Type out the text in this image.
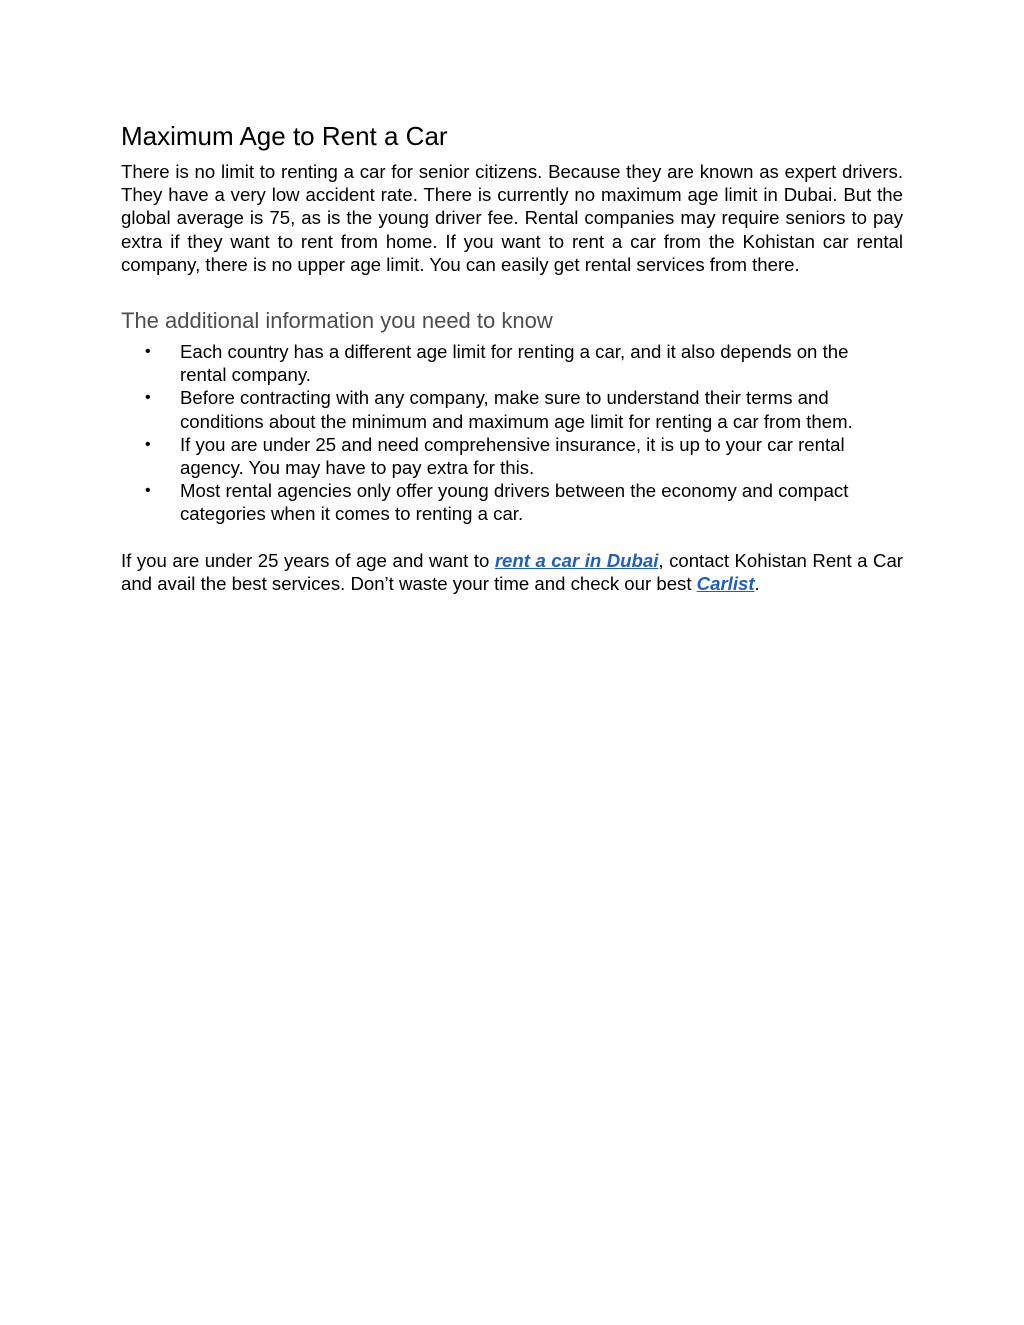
Maximum Age to Rent a Car

There is no limit to renting a car for senior citizens. Because they are known as expert drivers. They have a very low accident rate. There is currently no maximum age limit in Dubai. But the global average is 75, as is the young driver fee. Rental companies may require seniors to pay extra if they want to rent from home. If you want to rent a car from the Kohistan car rental company, there is no upper age limit. You can easily get rental services from there.

The additional information you need to know
• Each country has a different age limit for renting a car, and it also depends on the rental company.
• Before contracting with any company, make sure to understand their terms and conditions about the minimum and maximum age limit for renting a car from them.
• If you are under 25 and need comprehensive insurance, it is up to your car rental agency. You may have to pay extra for this.
• Most rental agencies only offer young drivers between the economy and compact categories when it comes to renting a car.

If you are under 25 years of age and want to rent a car in Dubai, contact Kohistan Rent a Car and avail the best services. Don’t waste your time and check our best Carlist.
